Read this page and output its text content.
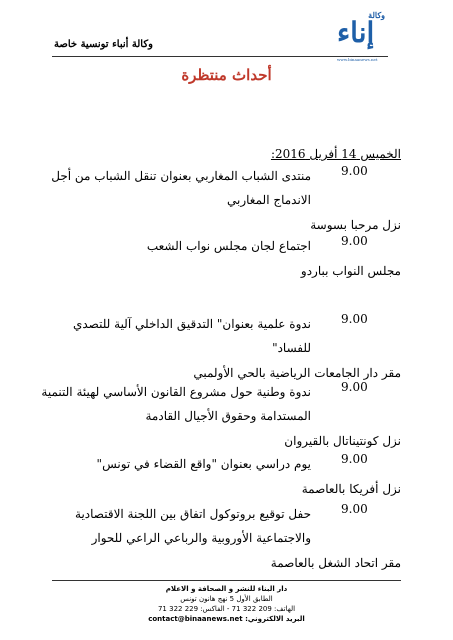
وكالة أنباء تونسية خاصة
وكالة
إناء
www.binaanews.net
أحداث منتظرة
الخميس 14 أفريل 2016:
9.00
منتدى الشباب المغاربي بعنوان تنقل الشباب من أجل الاندماج المغاربي
نزل مرحبا بسوسة
9.00
اجتماع لجان مجلس نواب الشعب
مجلس النواب بباردو
9.00
ندوة علمية بعنوان" التدقيق الداخلي آلية للتصدي للفساد"
مقر دار الجامعات الرياضية بالحي الأولمبي
9.00
ندوة وطنية حول مشروع القانون الأساسي لهيئة التنمية المستدامة وحقوق الأجيال القادمة
نزل كونتيناتال بالقيروان
9.00
يوم دراسي بعنوان "واقع القضاء في تونس"
نزل أفريكا بالعاصمة
9.00
حفل توقيع بروتوكول اتفاق بين اللجنة الاقتصادية والاجتماعية الأوروبية والرباعي الراعي للحوار
مقر اتحاد الشغل بالعاصمة
دار البناء للنشر و الصحافة و الاعلام
الطابق الأول 5 نهج هانون تونس
الهاتف: 209 322 71 - الفاكس: 229 322 71
البريد الالكتروني: contact@binaanews.net
